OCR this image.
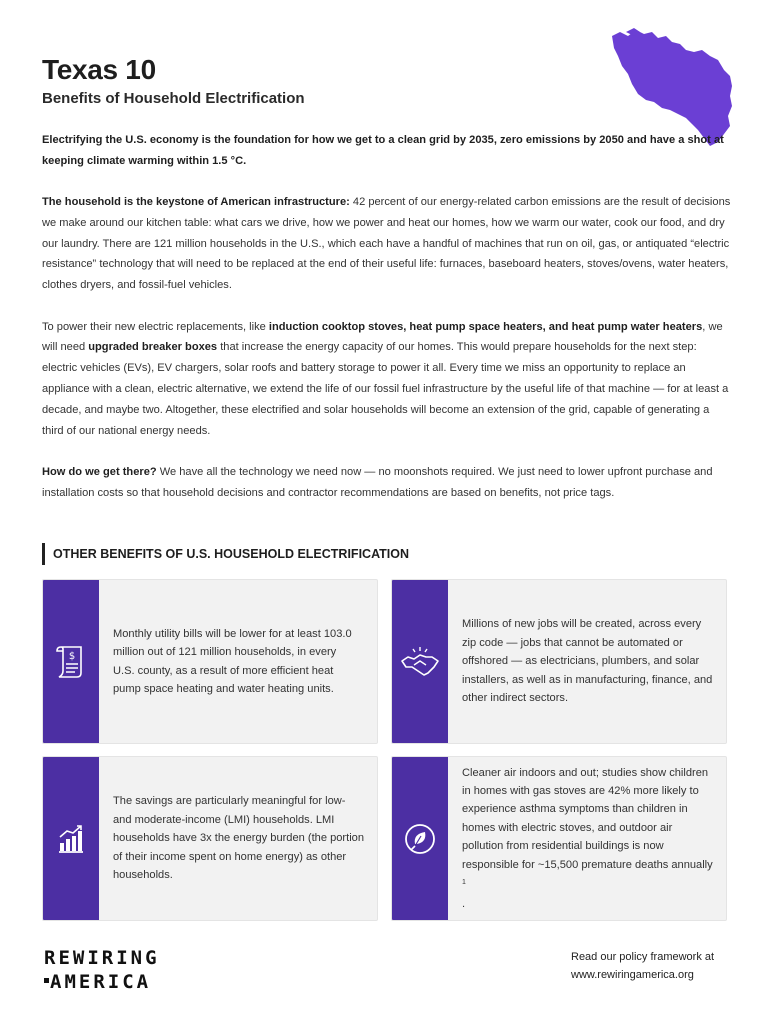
Texas 10
Benefits of Household Electrification

Electrifying the U.S. economy is the foundation for how we get to a clean grid by 2035, zero emissions by 2050 and have a shot at keeping climate warming within 1.5 °C.

The household is the keystone of American infrastructure: 42 percent of our energy-related carbon emissions are the result of decisions we make around our kitchen table: what cars we drive, how we power and heat our homes, how we warm our water, cook our food, and dry our laundry. There are 121 million households in the U.S., which each have a handful of machines that run on oil, gas, or antiquated “electric resistance” technology that will need to be replaced at the end of their useful life: furnaces, baseboard heaters, stoves/ovens, water heaters, clothes dryers, and fossil-fuel vehicles.

To power their new electric replacements, like induction cooktop stoves, heat pump space heaters, and heat pump water heaters, we will need upgraded breaker boxes that increase the energy capacity of our homes. This would prepare households for the next step: electric vehicles (EVs), EV chargers, solar roofs and battery storage to power it all. Every time we miss an opportunity to replace an appliance with a clean, electric alternative, we extend the life of our fossil fuel infrastructure by the useful life of that machine — for at least a decade, and maybe two. Altogether, these electrified and solar households will become an extension of the grid, capable of generating a third of our national energy needs.

How do we get there? We have all the technology we need now — no moonshots required. We just need to lower upfront purchase and installation costs so that household decisions and contractor recommendations are based on benefits, not price tags.

OTHER BENEFITS OF U.S. HOUSEHOLD ELECTRIFICATION
$
Monthly utility bills will be lower for at least 103.0 million out of 121 million households, in every U.S. county, as a result of more efficient heat pump space heating and water heating units.
Millions of new jobs will be created, across every zip code — jobs that cannot be automated or offshored — as electricians, plumbers, and solar installers, as well as in manufacturing, finance, and other indirect sectors.
The savings are particularly meaningful for low- and moderate-income (LMI) households. LMI households have 3x the energy burden (the portion of their income spent on home energy) as other households.
Cleaner air indoors and out; studies show children in homes with gas stoves are 42% more likely to experience asthma symptoms than children in homes with electric stoves, and outdoor air pollution from residential buildings is now responsible for ~15,500 premature deaths annually
$^1$
.
REWIRING
AMERICA
Read our policy framework at
www.rewiringamerica.org
